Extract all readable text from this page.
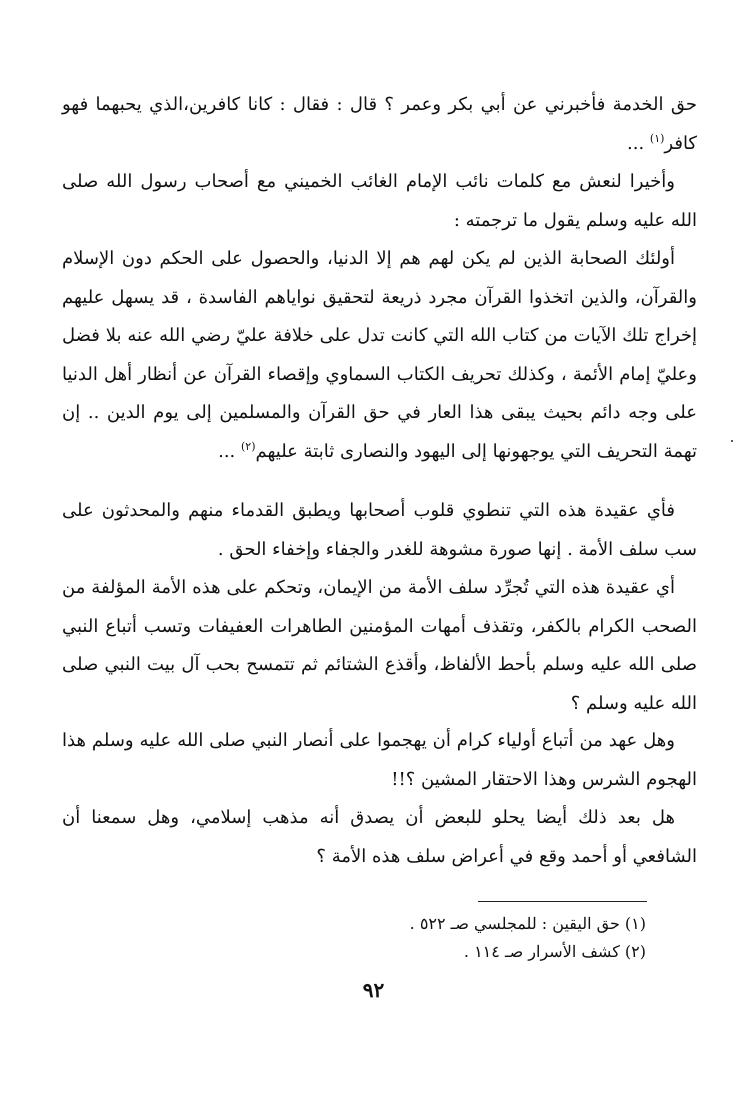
حق الخدمة فأخبرني عن أبي بكر وعمر ؟ قال : فقال : كانا كافرين،الذي يحبهما فهو كافر$^{(١)}$ ...

وأخيرا لنعش مع كلمات نائب الإمام الغائب الخميني مع أصحاب رسول الله صلى الله عليه وسلم يقول ما ترجمته :

أولئك الصحابة الذين لم يكن لهم هم إلا الدنيا، والحصول على الحكم دون الإسلام والقرآن، والذين اتخذوا القرآن مجرد ذريعة لتحقيق نواياهم الفاسدة ، قد يسهل عليهم إخراج تلك الآيات من كتاب الله التي كانت تدل على خلافة عليّ رضي الله عنه بلا فضل وعليّ إمام الأئمة ، وكذلك تحريف الكتاب السماوي وإقصاء القرآن عن أنظار أهل الدنيا على وجه دائم بحيث يبقى هذا العار في حق القرآن والمسلمين إلى يوم الدين .. إن تهمة التحريف التي يوجهونها إلى اليهود والنصارى ثابتة عليهم$^{(٢)}$ ...

فأي عقيدة هذه التي تنطوي قلوب أصحابها ويطبق القدماء منهم والمحدثون على سب سلف الأمة . إنها صورة مشوهة للغدر والجفاء وإخفاء الحق .

أي عقيدة هذه التي تُجرِّد سلف الأمة من الإيمان، وتحكم على هذه الأمة المؤلفة من الصحب الكرام بالكفر، وتقذف أمهات المؤمنين الطاهرات العفيفات وتسب أتباع النبي صلى الله عليه وسلم بأحط الألفاظ، وأقذع الشتائم ثم تتمسح بحب آل بيت النبي صلى الله عليه وسلم ؟

وهل عهد من أتباع أولياء كرام أن يهجموا على أنصار النبي صلى الله عليه وسلم هذا الهجوم الشرس وهذا الاحتقار المشين ؟!!

هل بعد ذلك أيضا يحلو للبعض أن يصدق أنه مذهب إسلامي، وهل سمعنا أن الشافعي أو أحمد وقع في أعراض سلف هذه الأمة ؟

(١) حق اليقين : للمجلسي صـ ٥٢٢ .

(٢) كشف الأسرار صـ ١١٤ .

٩٢
